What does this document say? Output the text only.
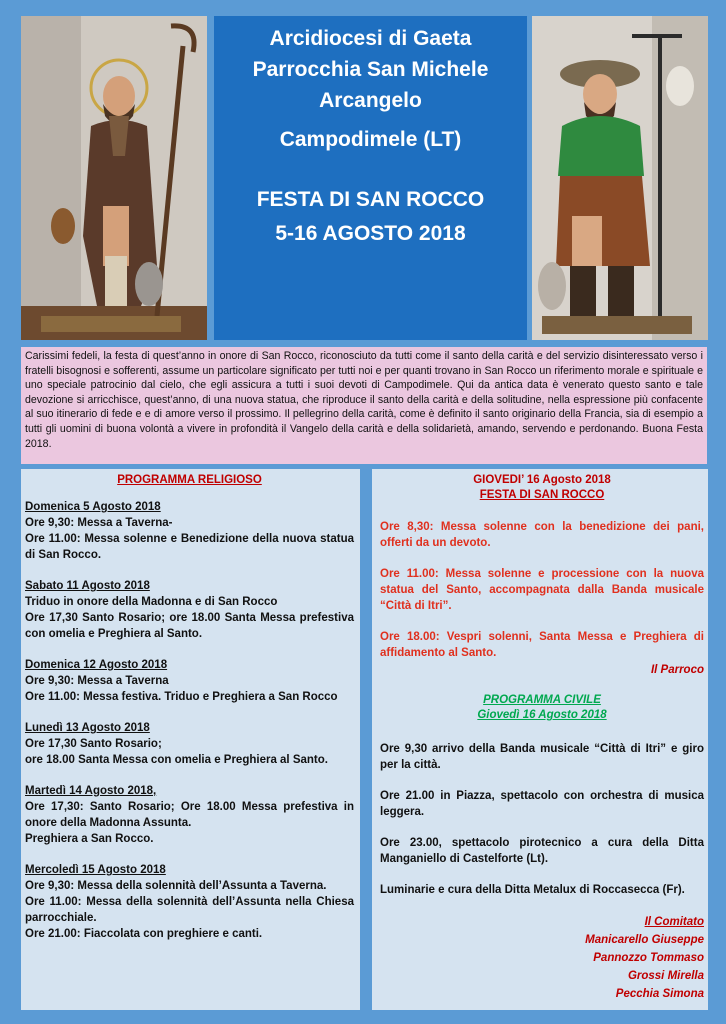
Arcidiocesi di Gaeta
Parrocchia San Michele
Arcangelo
Campodimele (LT)
FESTA DI SAN ROCCO
5-16 AGOSTO 2018
Carissimi fedeli, la festa di quest’anno in onore di San Rocco, riconosciuto da tutti come il santo della carità e del servizio disinteressato verso i fratelli bisognosi e sofferenti, assume un particolare significato per tutti noi e per quanti trovano in San Rocco un riferimento morale e spirituale e uno speciale patrocinio dal cielo, che egli assicura a tutti i suoi devoti di Campodimele. Qui da antica data è venerato questo santo e tale devozione si arricchisce, quest’anno, di una nuova statua, che riproduce il santo della carità e della solitudine, nella espressione più confacente al suo itinerario di fede e e di amore verso il prossimo. Il pellegrino della carità, come è definito il santo originario della Francia, sia di esempio a tutti gli uomini di buona volontà a vivere in profondità il Vangelo della carità e della solidarietà, amando, servendo e perdonando. Buona Festa 2018.
PROGRAMMA RELIGIOSO
Domenica 5 Agosto 2018
Ore 9,30: Messa a Taverna-
Ore 11.00: Messa solenne e Benedizione della nuova statua di San Rocco.
Sabato 11 Agosto 2018
Triduo in onore della Madonna e di San Rocco
Ore 17,30 Santo Rosario; ore 18.00 Santa Messa prefestiva con omelia e Preghiera al Santo.
Domenica 12 Agosto 2018
Ore 9,30: Messa a Taverna
Ore 11.00: Messa festiva. Triduo e Preghiera a San Rocco
Lunedì 13 Agosto 2018
Ore 17,30 Santo Rosario;
ore 18.00 Santa Messa con omelia e Preghiera al Santo.
Martedì 14 Agosto 2018,
Ore 17,30: Santo Rosario; Ore 18.00 Messa prefestiva in onore della Madonna Assunta.
Preghiera a San Rocco.
Mercoledì 15 Agosto 2018
Ore 9,30: Messa della solennità dell’Assunta a Taverna.
Ore 11.00: Messa della solennità dell’Assunta nella Chiesa parrocchiale.
Ore 21.00: Fiaccolata con preghiere e canti.
GIOVEDI’ 16 Agosto 2018
FESTA DI SAN ROCCO
Ore 8,30: Messa solenne con la benedizione dei pani, offerti da un devoto.
Ore 11.00: Messa solenne e processione con la nuova statua del Santo, accompagnata dalla Banda musicale “Città di Itri”.
Ore 18.00: Vespri solenni, Santa Messa e Preghiera di affidamento al Santo.
Il Parroco
PROGRAMMA CIVILE
Giovedì 16 Agosto 2018
Ore 9,30 arrivo della Banda musicale “Città di Itri” e giro per la città.
Ore 21.00 in Piazza, spettacolo con orchestra di musica leggera.
Ore 23.00, spettacolo pirotecnico a cura della Ditta Manganiello di Castelforte (Lt).
Luminarie e cura della Ditta Metalux di Roccasecca (Fr).
Il Comitato
Manicarello Giuseppe
Pannozzo Tommaso
Grossi Mirella
Pecchia Simona
